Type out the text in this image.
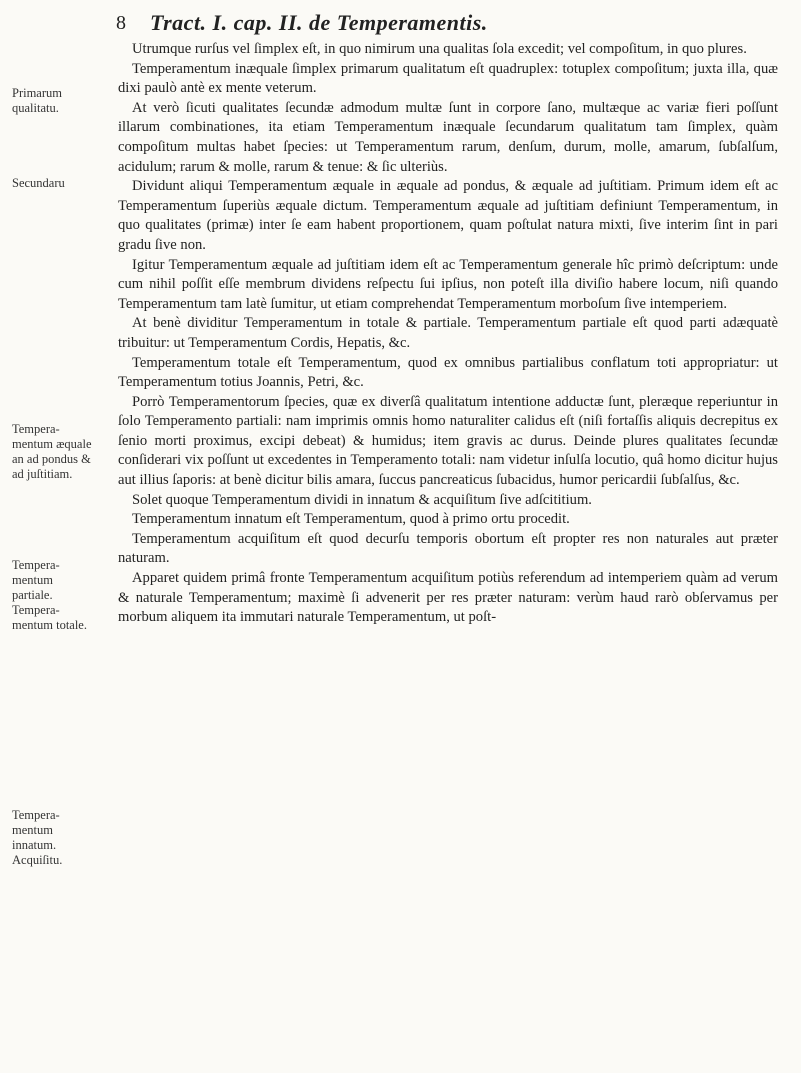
8 Tract. I. cap. II. de Temperamentis.
Primarum qualitatu.
Secundaru
Tempera-mentum æquale an ad pondus & ad juſtitiam.
Tempera-mentum partiale. Tempera-mentum totale.
Tempera-mentum innatum. Acquiſitu.

Utrumque rurſus vel ſimplex eſt, in quo nimirum una qualitas ſola excedit; vel compoſitum, in quo plures.

Temperamentum inæquale ſimplex primarum qualitatum eſt quadruplex: totuplex compoſitum; juxta illa, quæ dixi paulò antè ex mente veterum.

At verò ſicuti qualitates ſecundæ admodum multæ ſunt in corpore ſano, multæque ac variæ fieri poſſunt illarum combinationes, ita etiam Temperamentum inæquale ſecundarum qualitatum tam ſimplex, quàm compoſitum multas habet ſpecies: ut Temperamentum rarum, denſum, durum, molle, amarum, ſubſalſum, acidulum; rarum & molle, rarum & tenue: & ſic ulteriùs.

Dividunt aliqui Temperamentum æquale in æquale ad pondus, & æquale ad juſtitiam. Primum idem eſt ac Temperamentum ſuperiùs æquale dictum. Temperamentum æquale ad juſtitiam definiunt Temperamentum, in quo qualitates (primæ) inter ſe eam habent proportionem, quam poſtulat natura mixti, ſive interim ſint in pari gradu ſive non.

Igitur Temperamentum æquale ad juſtitiam idem eſt ac Temperamentum generale hîc primò deſcriptum: unde cum nihil poſſit eſſe membrum dividens reſpectu ſui ipſius, non poteſt illa diviſio habere locum, niſi quando Temperamentum tam latè ſumitur, ut etiam comprehendat Temperamentum morboſum ſive intemperiem.

At benè dividitur Temperamentum in totale & partiale. Temperamentum partiale eſt quod parti adæquatè tribuitur: ut Temperamentum Cordis, Hepatis, &c.

Temperamentum totale eſt Temperamentum, quod ex omnibus partialibus conflatum toti appropriatur: ut Temperamentum totius Joannis, Petri, &c.

Porrò Temperamentorum ſpecies, quæ ex diverſâ qualitatum intentione adductæ ſunt, pleræque reperiuntur in ſolo Temperamento partiali: nam imprimis omnis homo naturaliter calidus eſt (niſi fortaſſis aliquis decrepitus ex ſenio morti proximus, excipi debeat) & humidus; item gravis ac durus. Deinde plures qualitates ſecundæ conſiderari vix poſſunt ut excedentes in Temperamento totali: nam videtur inſulſa locutio, quâ homo dicitur hujus aut illius ſaporis: at benè dicitur bilis amara, ſuccus pancreaticus ſubacidus, humor pericardii ſubſalſus, &c.

Solet quoque Temperamentum dividi in innatum & acquiſitum ſive adſcititium.

Temperamentum innatum eſt Temperamentum, quod à primo ortu procedit.

Temperamentum acquiſitum eſt quod decurſu temporis obortum eſt propter res non naturales aut præter naturam.

Apparet quidem primâ fronte Temperamentum acquiſitum potiùs referendum ad intemperiem quàm ad verum & naturale Temperamentum; maximè ſi advenerit per res præter naturam: verùm haud rarò obſervamus per morbum aliquem ita immutari naturale Temperamentum, ut poſt-
